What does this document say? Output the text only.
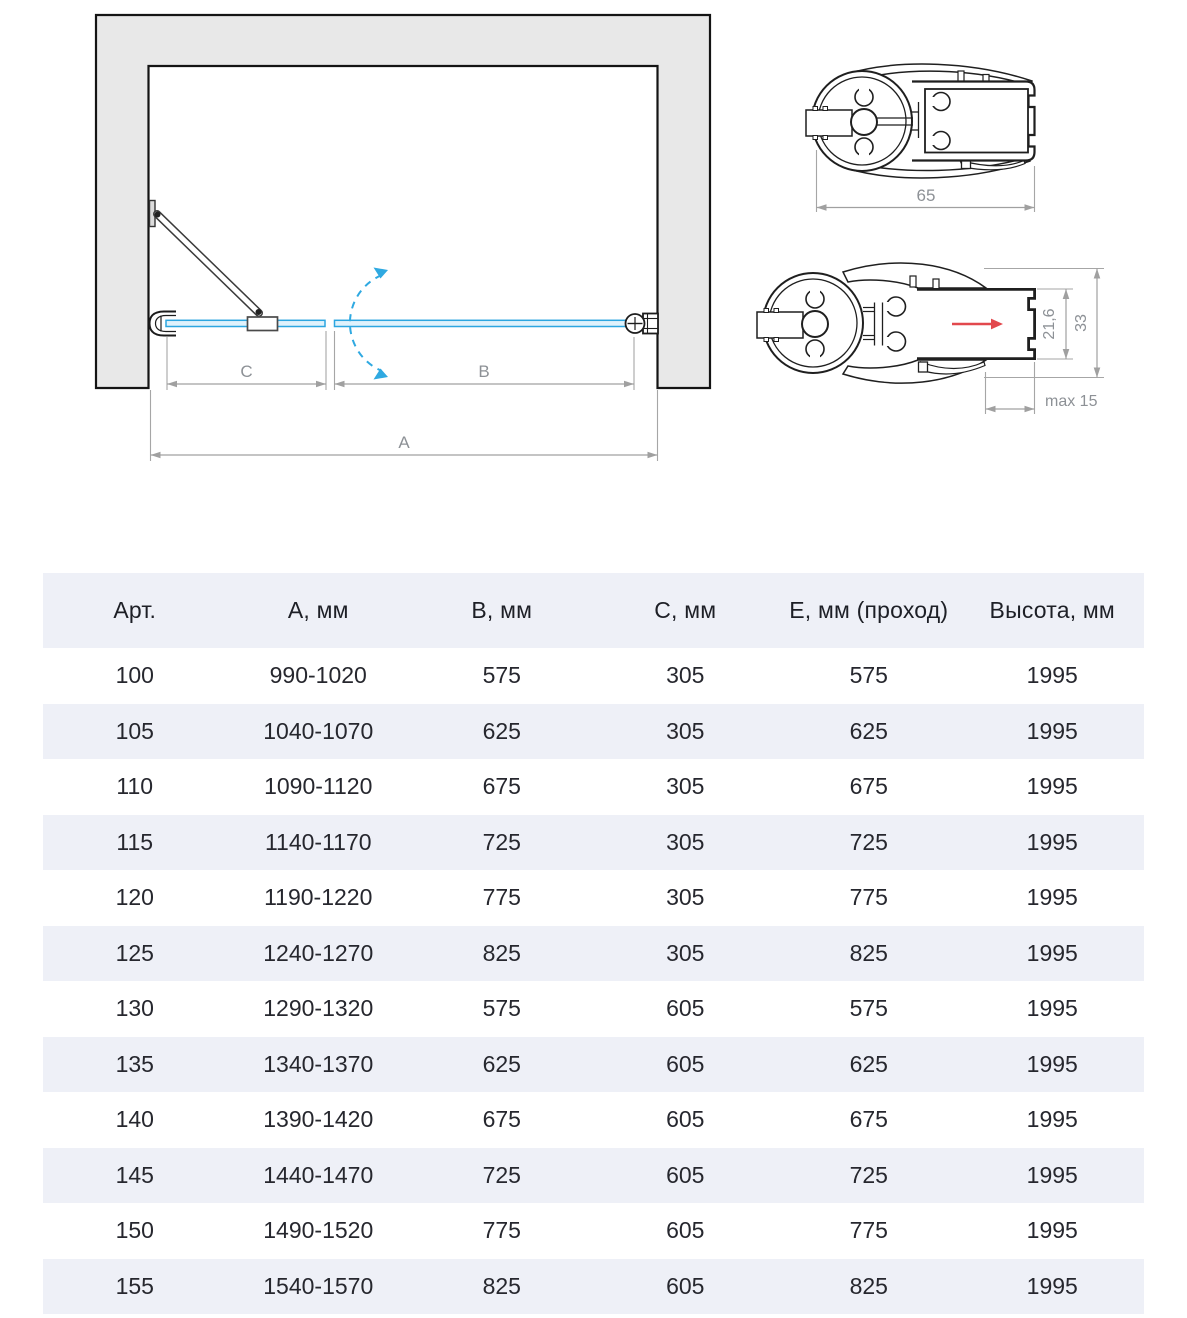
C	B
A
65
21,6 33
max 15
Арт.	А, мм	В, мм	С, мм	Е, мм (проход)	Высота, мм
100	990-1020	575	305	575	1995
105	1040-1070	625	305	625	1995
110	1090-1120	675	305	675	1995
115	1140-1170	725	305	725	1995
120	1190-1220	775	305	775	1995
125	1240-1270	825	305	825	1995
130	1290-1320	575	605	575	1995
135	1340-1370	625	605	625	1995
140	1390-1420	675	605	675	1995
145	1440-1470	725	605	725	1995
150	1490-1520	775	605	775	1995
155	1540-1570	825	605	825	1995
